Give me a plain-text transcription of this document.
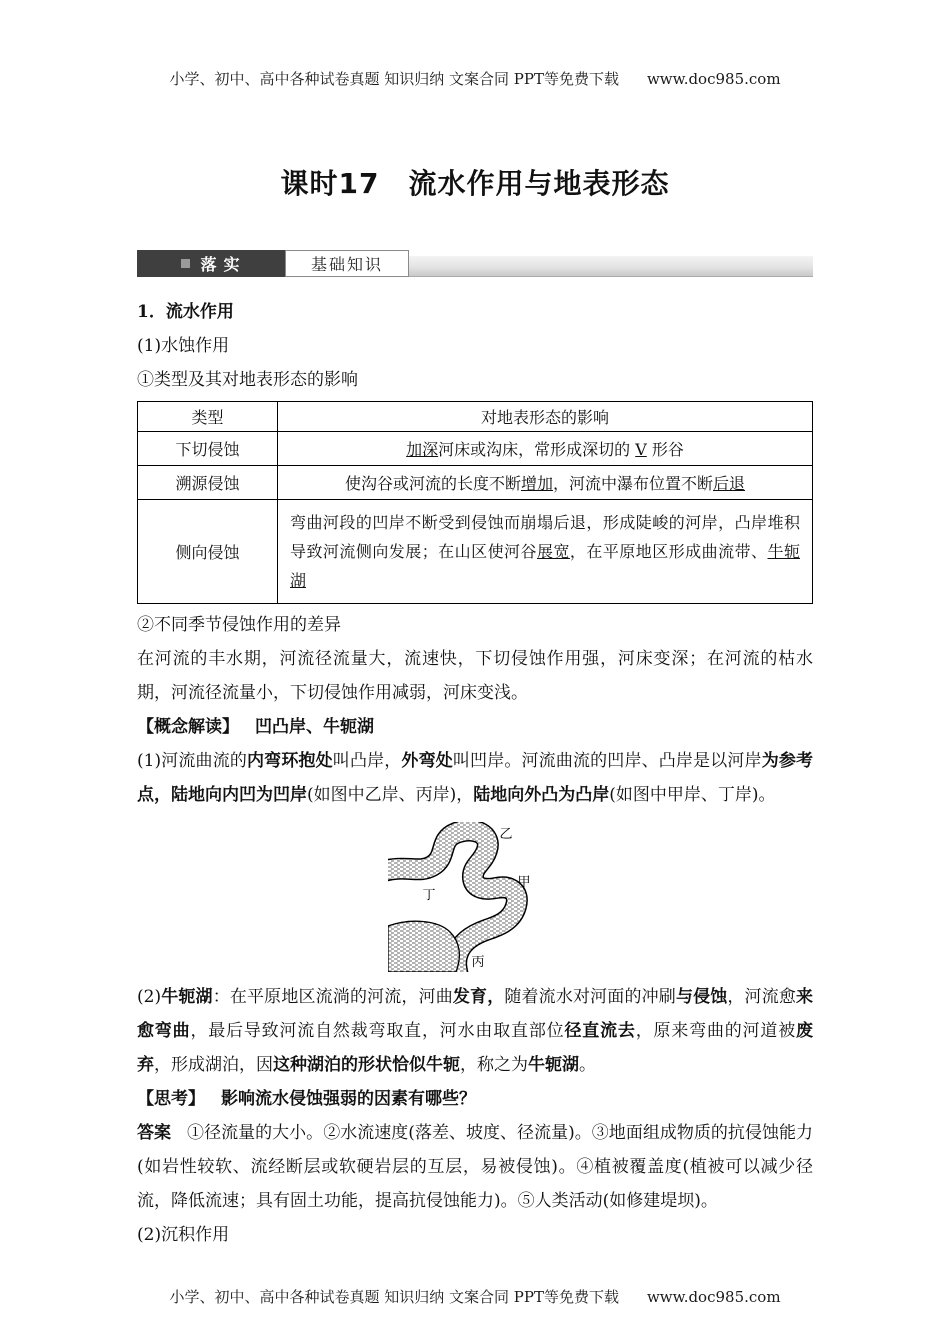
小学、初中、高中各种试卷真题 知识归纳 文案合同 PPT等免费下载 www.doc985.com
课时17　流水作用与地表形态
落实	基础知识

1．流水作用

(1)水蚀作用

①类型及其对地表形态的影响

类型	对地表形态的影响
下切侵蚀	加深河床或沟床，常形成深切的 V 形谷
溯源侵蚀	使沟谷或河流的长度不断增加，河流中瀑布位置不断后退
侧向侵蚀	弯曲河段的凹岸不断受到侵蚀而崩塌后退，形成陡峻的河岸，凸岸堆积导致河流侧向发展；在山区使河谷展宽，在平原地区形成曲流带、牛轭湖

②不同季节侵蚀作用的差异

在河流的丰水期，河流径流量大，流速快，下切侵蚀作用强，河床变深；在河流的枯水期，河流径流量小，下切侵蚀作用减弱，河床变浅。

【概念解读】 凹凸岸、牛轭湖

(1)河流曲流的内弯环抱处叫凸岸，外弯处叫凹岸。河流曲流的凹岸、凸岸是以河岸为参考点，陆地向内凹为凹岸(如图中乙岸、丙岸)，陆地向外凸为凸岸(如图中甲岸、丁岸)。

乙
甲
丁
丙

(2)牛轭湖：在平原地区流淌的河流，河曲发育，随着流水对河面的冲刷与侵蚀，河流愈来愈弯曲，最后导致河流自然裁弯取直，河水由取直部位径直流去，原来弯曲的河道被废弃，形成湖泊，因这种湖泊的形状恰似牛轭，称之为牛轭湖。

【思考】 影响流水侵蚀强弱的因素有哪些？

答案 ①径流量的大小。②水流速度(落差、坡度、径流量)。③地面组成物质的抗侵蚀能力(如岩性较软、流经断层或软硬岩层的互层，易被侵蚀)。④植被覆盖度(植被可以减少径流，降低流速；具有固土功能，提高抗侵蚀能力)。⑤人类活动(如修建堤坝)。

(2)沉积作用

小学、初中、高中各种试卷真题 知识归纳 文案合同 PPT等免费下载 www.doc985.com
